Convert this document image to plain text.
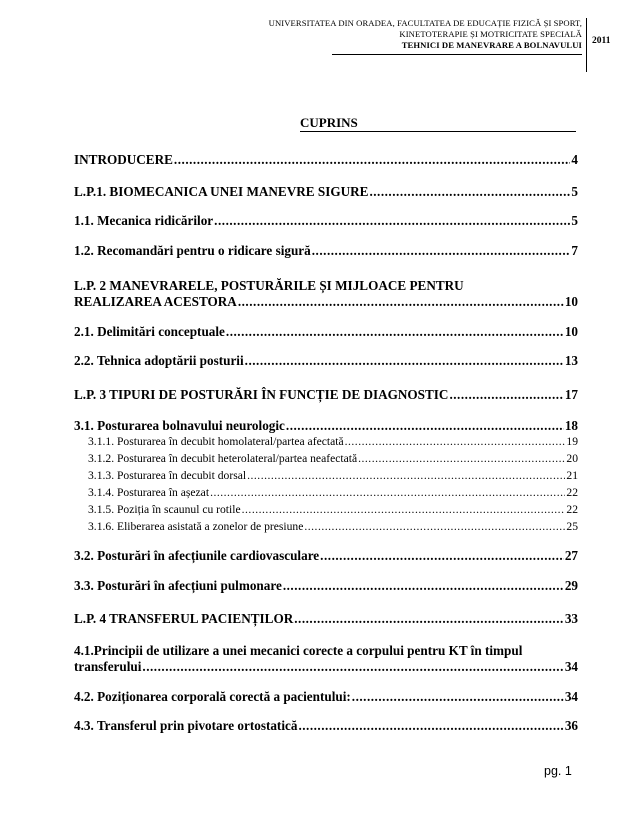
UNIVERSITATEA DIN ORADEA, FACULTATEA DE EDUCAȚIE FIZICĂ ȘI SPORT,
KINETOTERAPIE ȘI MOTRICITATE SPECIALĂ
TEHNICI DE MANEVRARE A BOLNAVULUI 2011
CUPRINS
INTRODUCERE .....	4
L.P.1. BIOMECANICA UNEI MANEVRE SIGURE .....	5
1.1. Mecanica ridicărilor .....	5
1.2. Recomandări pentru o ridicare sigură .....	7
L.P. 2 MANEVRARELE, POSTURĂRILE ȘI MIJLOACE PENTRU
REALIZAREA ACESTORA .....	10
2.1. Delimitări conceptuale .....	10
2.2. Tehnica adoptării posturii .....	13
L.P. 3 TIPURI DE POSTURĂRI ÎN FUNCȚIE DE DIAGNOSTIC .....	17
3.1. Posturarea bolnavului neurologic .....	18
3.1.1. Posturarea în decubit homolateral/partea afectată .....	19
3.1.2. Posturarea în decubit heterolateral/partea neafectată .....	20
3.1.3. Posturarea în decubit dorsal .....	21
3.1.4. Posturarea în așezat .....	22
3.1.5. Poziția în scaunul cu rotile .....	22
3.1.6. Eliberarea asistată a zonelor de presiune .....	25
3.2. Posturări în afecțiunile cardiovasculare .....	27
3.3. Posturări în afecțiuni pulmonare .....	29
L.P. 4 TRANSFERUL PACIENȚILOR .....	33
4.1.Principii de utilizare a unei mecanici corecte a corpului pentru KT în timpul
transferului .....	34
4.2. Poziționarea corporală corectă a pacientului: .....	34
4.3. Transferul prin pivotare ortostatică .....	36
pg. 1
